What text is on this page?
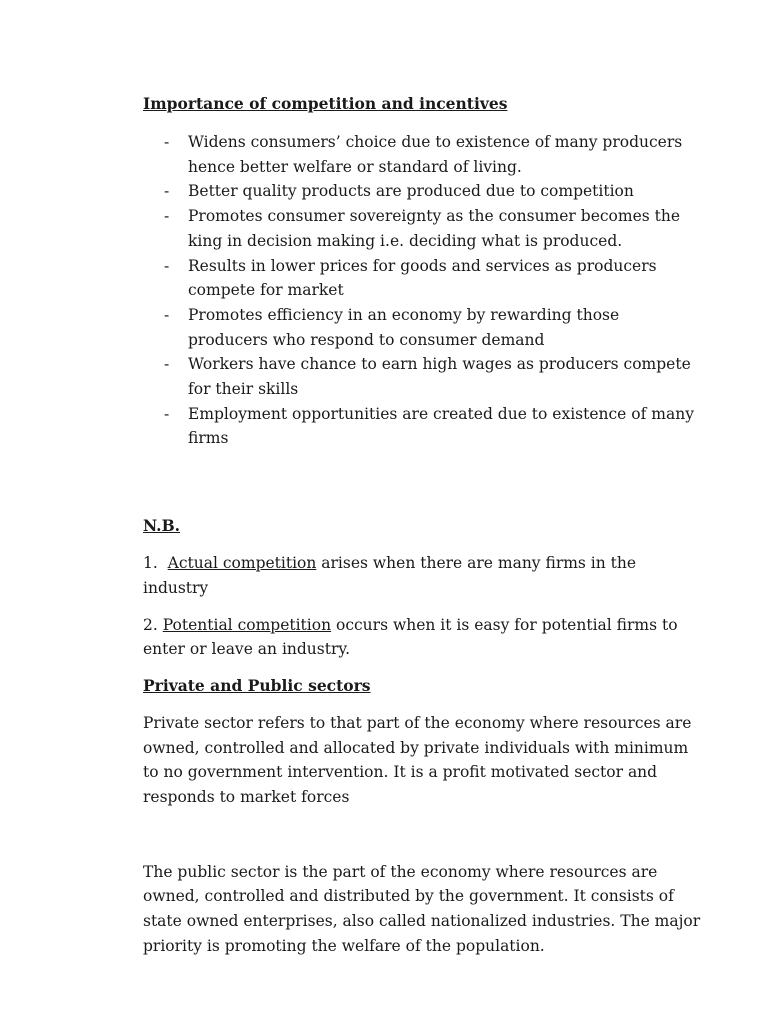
Importance of competition and incentives
- Widens consumers’ choice due to existence of many producers hence better welfare or standard of living.
- Better quality products are produced due to competition
- Promotes consumer sovereignty as the consumer becomes the king in decision making i.e. deciding what is produced.
- Results in lower prices for goods and services as producers compete for market
- Promotes efficiency in an economy by rewarding those producers who respond to consumer demand
- Workers have chance to earn high wages as producers compete for their skills
- Employment opportunities are created due to existence of many firms
N.B.

1. Actual competition arises when there are many firms in the industry

2. Potential competition occurs when it is easy for potential firms to enter or leave an industry.

Private and Public sectors

Private sector refers to that part of the economy where resources are owned, controlled and allocated by private individuals with minimum to no government intervention. It is a profit motivated sector and responds to market forces

The public sector is the part of the economy where resources are owned, controlled and distributed by the government. It consists of state owned enterprises, also called nationalized industries. The major priority is promoting the welfare of the population.
